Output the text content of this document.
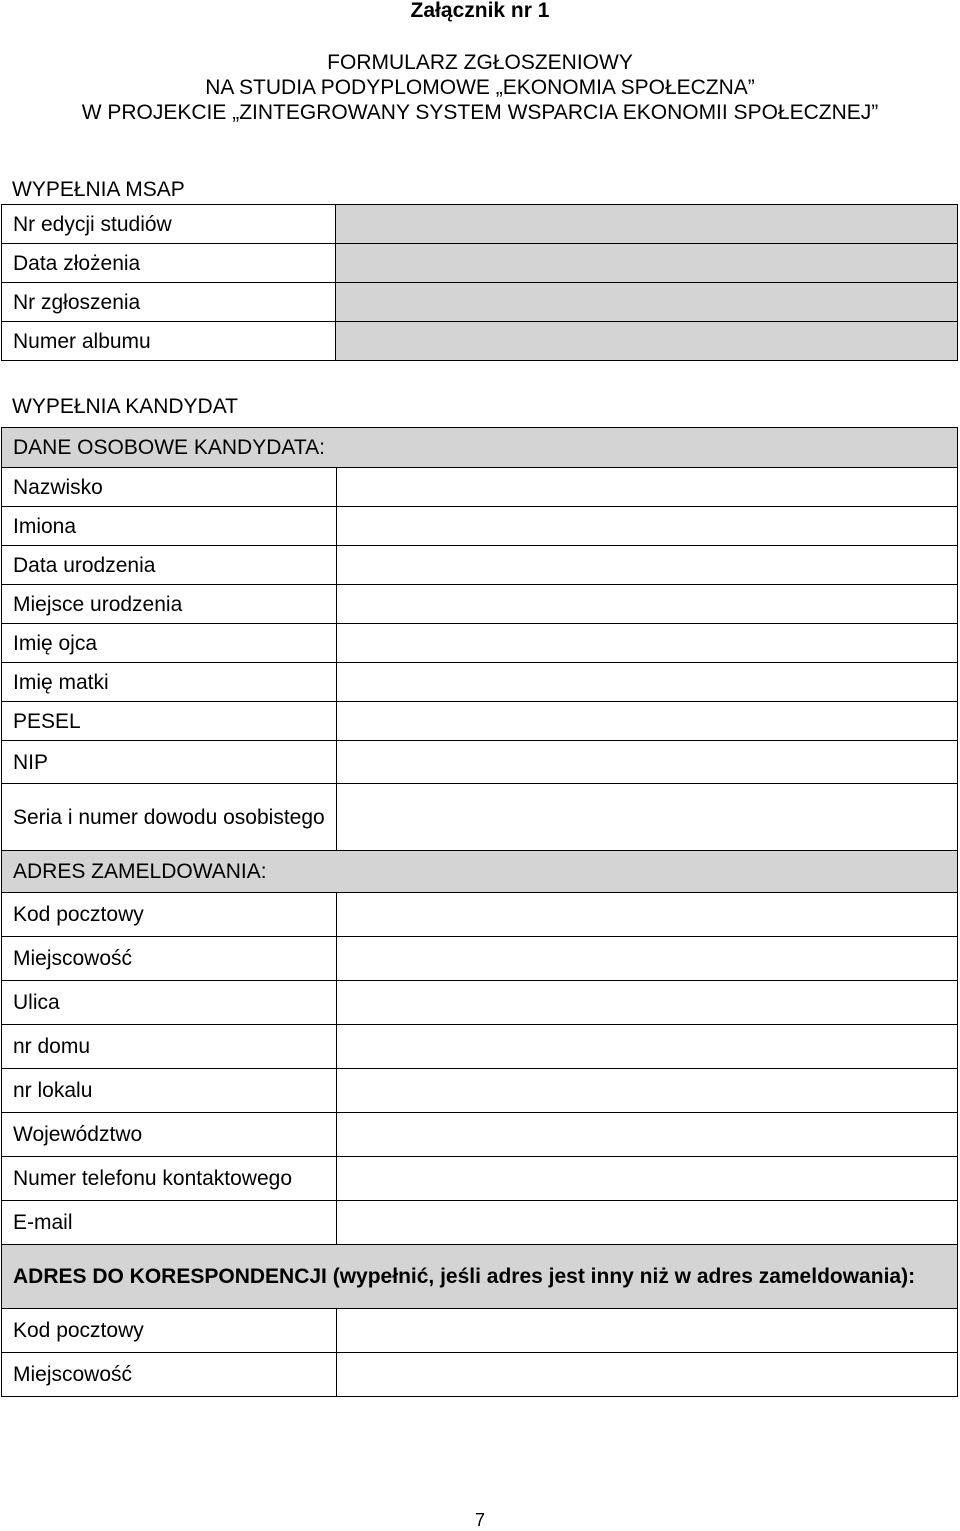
Załącznik nr 1
FORMULARZ ZGŁOSZENIOWY
NA STUDIA PODYPLOMOWE „EKONOMIA SPOŁECZNA”
W PROJEKCIE „ZINTEGROWANY SYSTEM WSPARCIA EKONOMII SPOŁECZNEJ”
WYPEŁNIA MSAP
Nr edycji studiów	
Data złożenia	
Nr zgłoszenia	
Numer albumu	
WYPEŁNIA KANDYDAT
DANE OSOBOWE KANDYDATA:	
Nazwisko	
Imiona	
Data urodzenia	
Miejsce urodzenia	
Imię ojca	
Imię matki	
PESEL	
NIP	
Seria i numer dowodu osobistego	
ADRES ZAMELDOWANIA:	
Kod pocztowy	
Miejscowość	
Ulica	
nr domu	
nr lokalu	
Województwo	
Numer telefonu kontaktowego	
E-mail	
ADRES DO KORESPONDENCJI (wypełnić, jeśli adres jest inny niż w adres zameldowania):	
Kod pocztowy	
Miejscowość	
7
